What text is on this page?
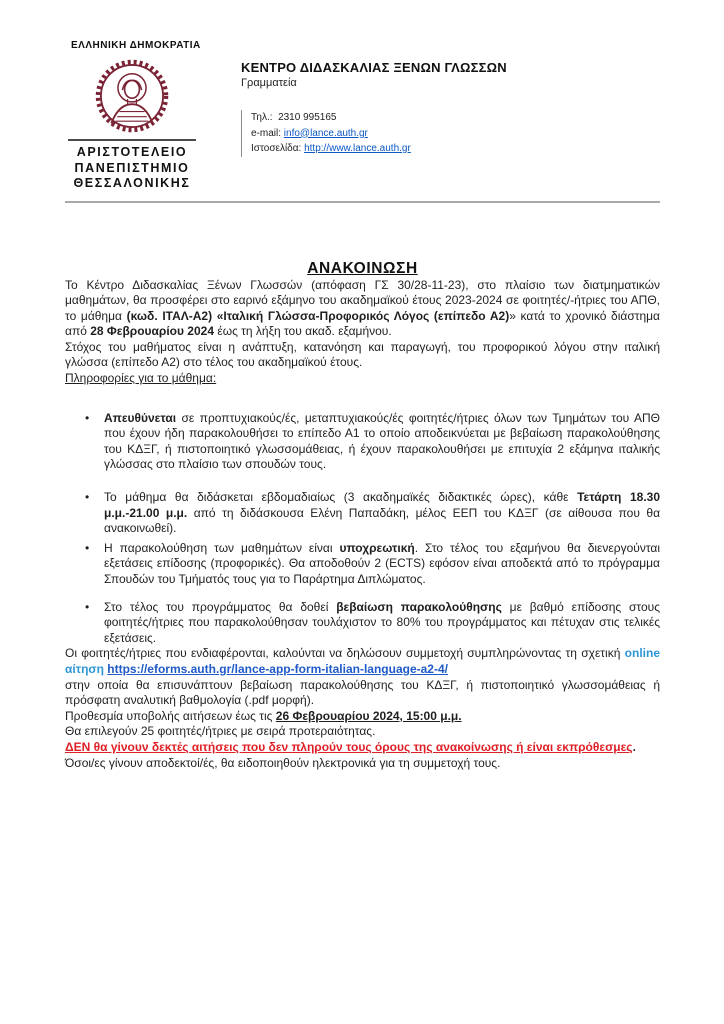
ΕΛΛΗΝΙΚΗ ΔΗΜΟΚΡΑΤΙΑ
ΑΡΙΣΤΟΤΕΛΕΙΟ
ΠΑΝΕΠΙΣΤΗΜΙΟ
ΘΕΣΣΑΛΟΝΙΚΗΣ
ΚΕΝΤΡΟ ΔΙΔΑΣΚΑΛΙΑΣ ΞΕΝΩΝ ΓΛΩΣΣΩΝ
Γραμματεία
Τηλ.: 2310 995165
e-mail: info@lance.auth.gr
Ιστοσελίδα: http://www.lance.auth.gr
ΑΝΑΚΟΙΝΩΣΗ

Το Κέντρο Διδασκαλίας Ξένων Γλωσσών (απόφαση ΓΣ 30/28-11-23), στο πλαίσιο των διατμηματικών μαθημάτων, θα προσφέρει στο εαρινό εξάμηνο του ακαδημαϊκού έτους 2023-2024 σε φοιτητές/-ήτριες του ΑΠΘ, το μάθημα (κωδ. ΙΤΑΛ-Α2) «Ιταλική Γλώσσα-Προφορικός Λόγος (επίπεδο Α2)» κατά το χρονικό διάστημα από 28 Φεβρουαρίου 2024 έως τη λήξη του ακαδ. εξαμήνου.

Στόχος του μαθήματος είναι η ανάπτυξη, κατανόηση και παραγωγή, του προφορικού λόγου στην ιταλική γλώσσα (επίπεδο Α2) στο τέλος του ακαδημαϊκού έτους.

Πληροφορίες για το μάθημα:

• Απευθύνεται σε προπτυχιακούς/ές, μεταπτυχιακούς/ές φοιτητές/ήτριες όλων των Τμημάτων του ΑΠΘ που έχουν ήδη παρακολουθήσει το επίπεδο Α1 το οποίο αποδεικνύεται με βεβαίωση παρακολούθησης του ΚΔΞΓ, ή πιστοποιητικό γλωσσομάθειας, ή έχουν παρακολουθήσει με επιτυχία 2 εξάμηνα ιταλικής γλώσσας στο πλαίσιο των σπουδών τους.
• Το μάθημα θα διδάσκεται εβδομαδιαίως (3 ακαδημαϊκές διδακτικές ώρες), κάθε Τετάρτη 18.30 μ.μ.-21.00 μ.μ. από τη διδάσκουσα Ελένη Παπαδάκη, μέλος ΕΕΠ του ΚΔΞΓ (σε αίθουσα που θα ανακοινωθεί).
• Η παρακολούθηση των μαθημάτων είναι υποχρεωτική. Στο τέλος του εξαμήνου θα διενεργούνται εξετάσεις επίδοσης (προφορικές). Θα αποδοθούν 2 (ECTS) εφόσον είναι αποδεκτά από το πρόγραμμα Σπουδών του Τμήματός τους για το Παράρτημα Διπλώματος.
• Στο τέλος του προγράμματος θα δοθεί βεβαίωση παρακολούθησης με βαθμό επίδοσης στους φοιτητές/ήτριες που παρακολούθησαν τουλάχιστον το 80% του προγράμματος και πέτυχαν στις τελικές εξετάσεις.

Οι φοιτητές/ήτριες που ενδιαφέρονται, καλούνται να δηλώσουν συμμετοχή συμπληρώνοντας τη σχετική online αίτηση https://eforms.auth.gr/lance-app-form-italian-language-a2-4/

στην οποία θα επισυνάπτουν βεβαίωση παρακολούθησης του ΚΔΞΓ, ή πιστοποιητικό γλωσσομάθειας ή πρόσφατη αναλυτική βαθμολογία (.pdf μορφή).

Προθεσμία υποβολής αιτήσεων έως τις 26 Φεβρουαρίου 2024, 15:00 μ.μ.

Θα επιλεγούν 25 φοιτητές/ήτριες με σειρά προτεραιότητας.

ΔΕΝ θα γίνουν δεκτές αιτήσεις που δεν πληρούν τους όρους της ανακοίνωσης ή είναι εκπρόθεσμες.

Όσοι/ες γίνουν αποδεκτοί/ές, θα ειδοποιηθούν ηλεκτρονικά για τη συμμετοχή τους.
